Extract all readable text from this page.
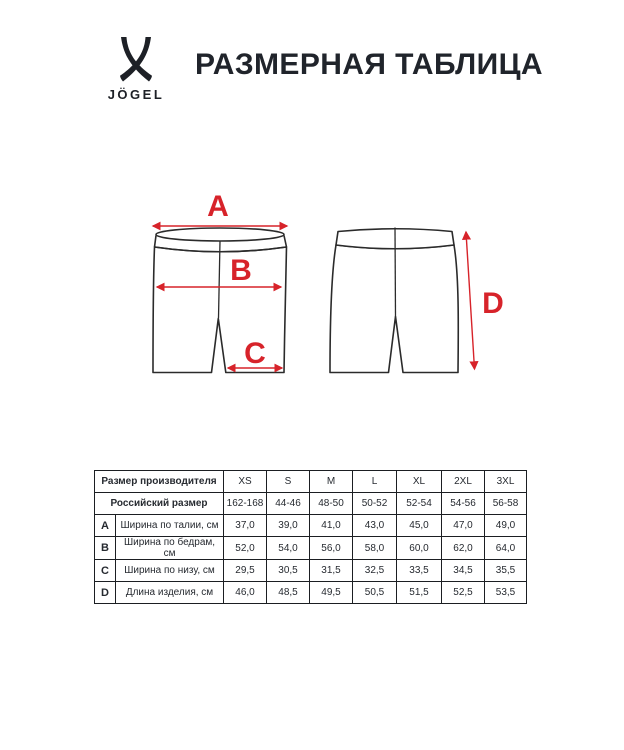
JÖGEL
РАЗМЕРНАЯ ТАБЛИЦА
A
B
C
D
Размер производителя		XS	S	M	L	XL	2XL	3XL
Российский размер		162-168	44-46	48-50	50-52	52-54	54-56	56-58
A	Ширина по талии, см	37,0	39,0	41,0	43,0	45,0	47,0	49,0
B	Ширина по бедрам, см	52,0	54,0	56,0	58,0	60,0	62,0	64,0
C	Ширина по низу, см	29,5	30,5	31,5	32,5	33,5	34,5	35,5
D	Длина изделия, см	46,0	48,5	49,5	50,5	51,5	52,5	53,5
